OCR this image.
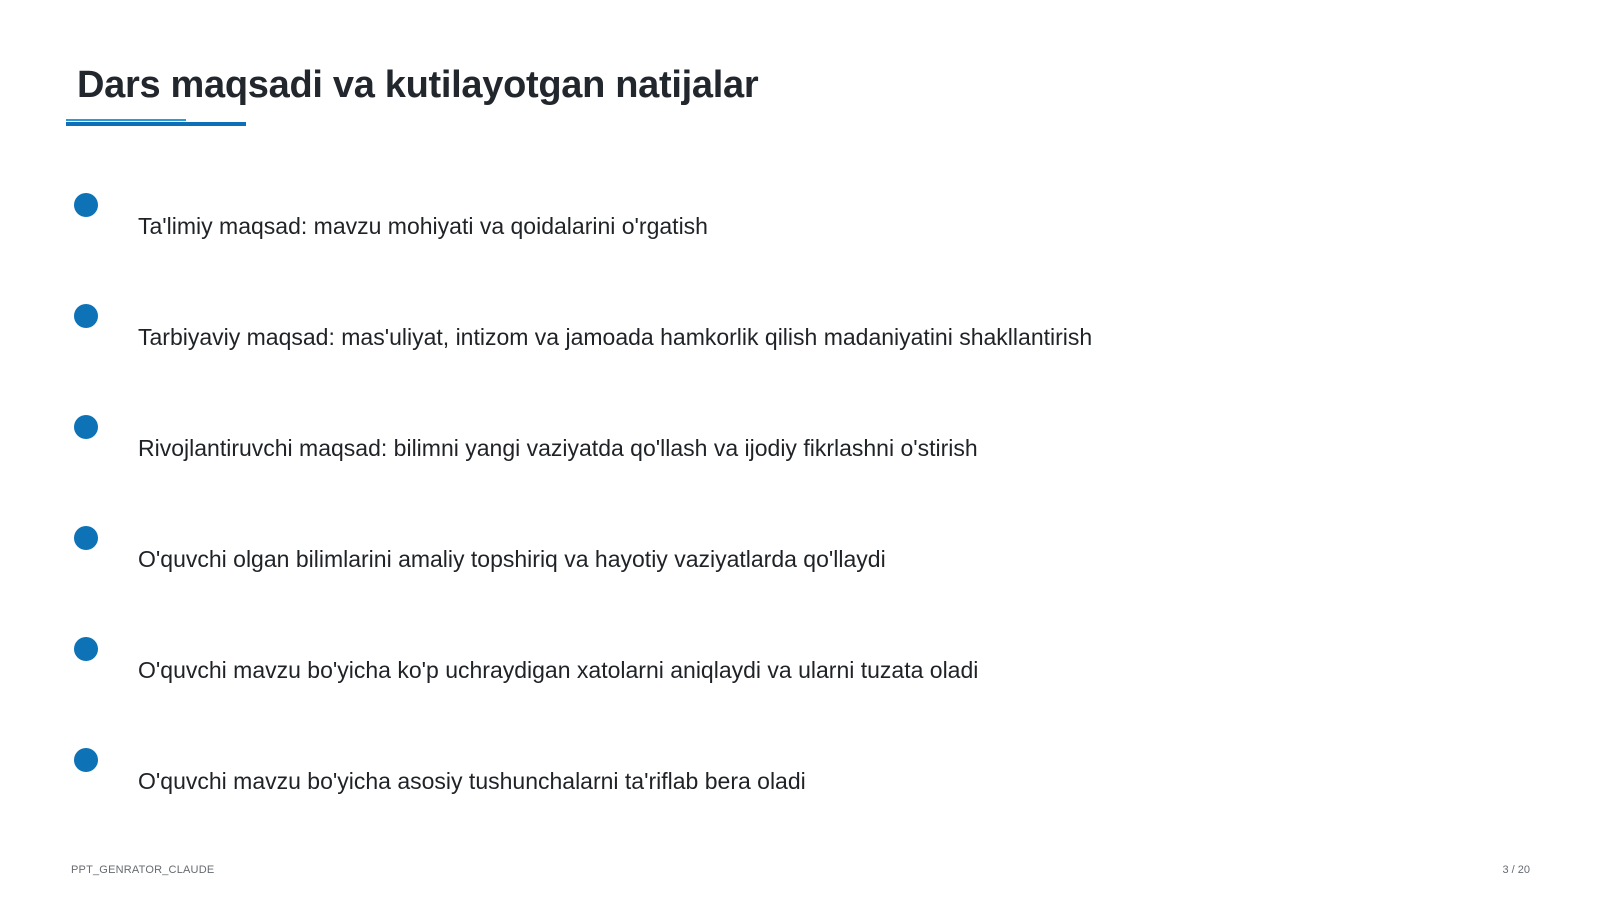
Dars maqsadi va kutilayotgan natijalar
Ta'limiy maqsad: mavzu mohiyati va qoidalarini o'rgatish
Tarbiyaviy maqsad: mas'uliyat, intizom va jamoada hamkorlik qilish madaniyatini shakllantirish
Rivojlantiruvchi maqsad: bilimni yangi vaziyatda qo'llash va ijodiy fikrlashni o'stirish
O'quvchi olgan bilimlarini amaliy topshiriq va hayotiy vaziyatlarda qo'llaydi
O'quvchi mavzu bo'yicha ko'p uchraydigan xatolarni aniqlaydi va ularni tuzata oladi
O'quvchi mavzu bo'yicha asosiy tushunchalarni ta'riflab bera oladi
PPT_GENRATOR_CLAUDE	3 / 20
